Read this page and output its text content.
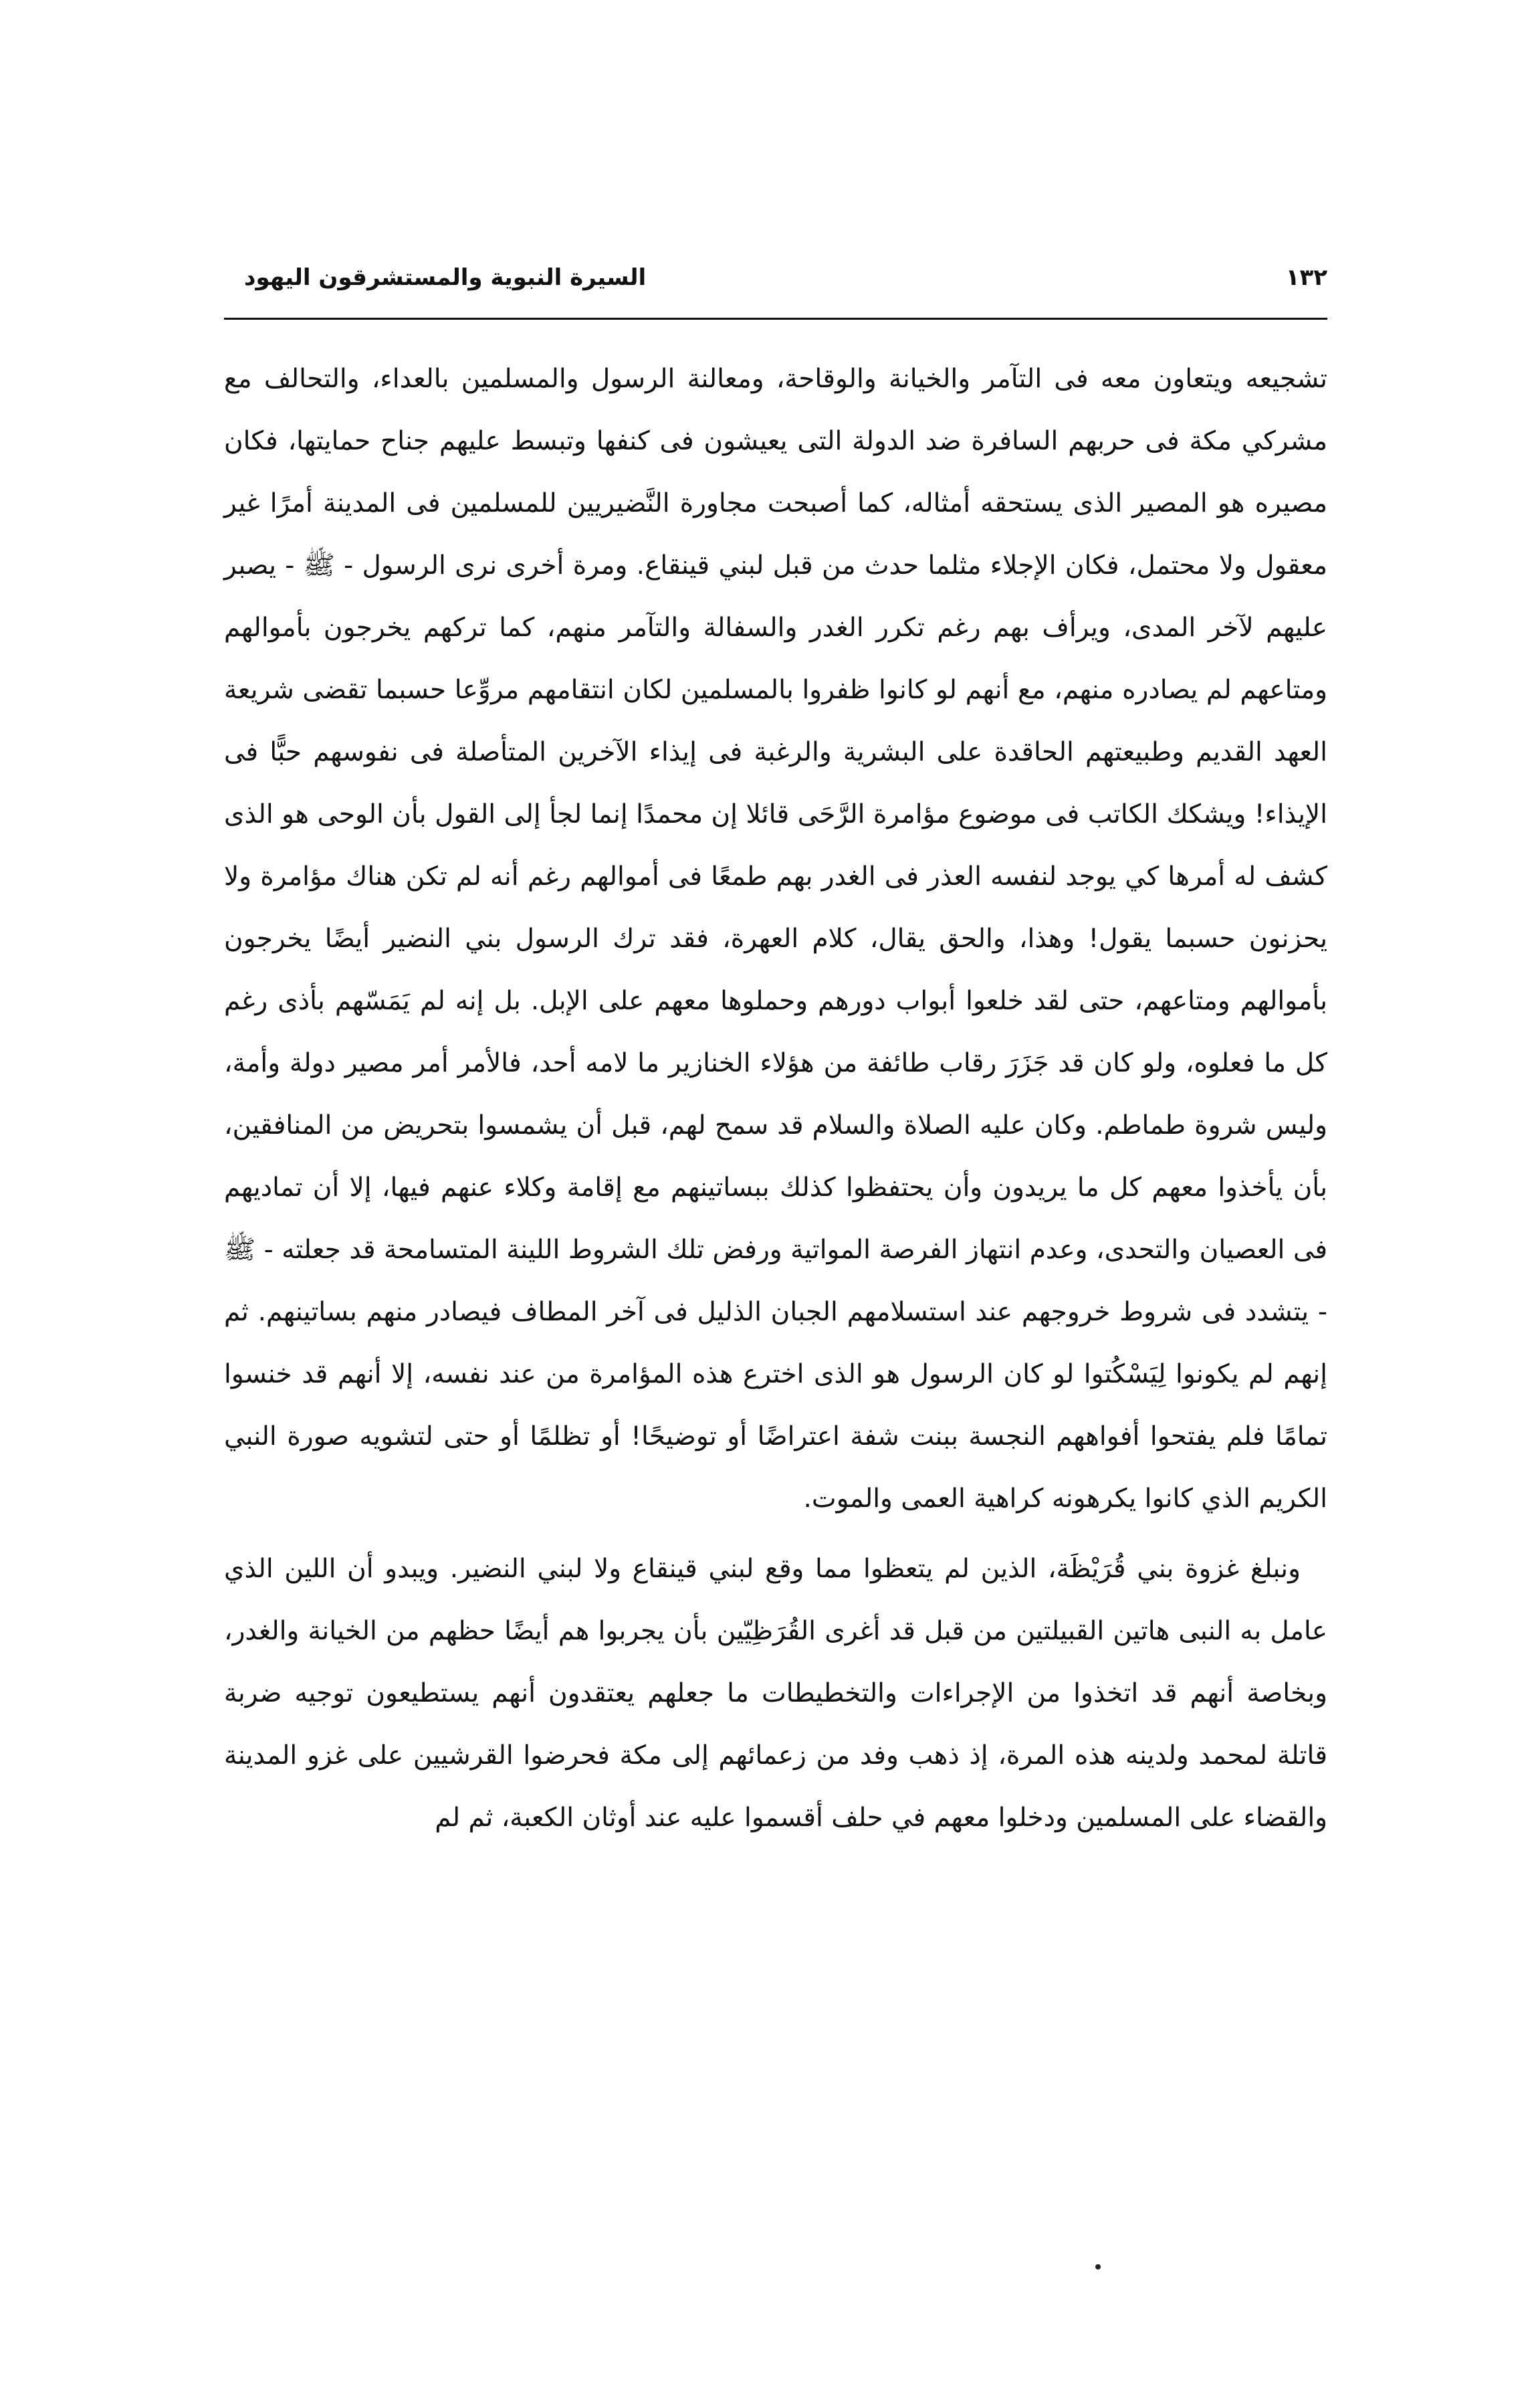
١٣٢
السيرة النبوية والمستشرقون اليهود

تشجيعه ويتعاون معه فى التآمر والخيانة والوقاحة، ومعالنة الرسول والمسلمين بالعداء، والتحالف مع مشركي مكة فى حربهم السافرة ضد الدولة التى يعيشون فى كنفها وتبسط عليهم جناح حمايتها، فكان مصيره هو المصير الذى يستحقه أمثاله، كما أصبحت مجاورة النَّضيريين للمسلمين فى المدينة أمرًا غير معقول ولا محتمل، فكان الإجلاء مثلما حدث من قبل لبني قينقاع. ومرة أخرى نرى الرسول - ﷺ - يصبر عليهم لآخر المدى، ويرأف بهم رغم تكرر الغدر والسفالة والتآمر منهم، كما تركهم يخرجون بأموالهم ومتاعهم لم يصادره منهم، مع أنهم لو كانوا ظفروا بالمسلمين لكان انتقامهم مروِّعا حسبما تقضى شريعة العهد القديم وطبيعتهم الحاقدة على البشرية والرغبة فى إيذاء الآخرين المتأصلة فى نفوسهم حبًّا فى الإيذاء! ويشكك الكاتب فى موضوع مؤامرة الرَّحَى قائلا إن محمدًا إنما لجأ إلى القول بأن الوحى هو الذى كشف له أمرها كي يوجد لنفسه العذر فى الغدر بهم طمعًا فى أموالهم رغم أنه لم تكن هناك مؤامرة ولا يحزنون حسبما يقول! وهذا، والحق يقال، كلام العهرة، فقد ترك الرسول بني النضير أيضًا يخرجون بأموالهم ومتاعهم، حتى لقد خلعوا أبواب دورهم وحملوها معهم على الإبل. بل إنه لم يَمَسّهم بأذى رغم كل ما فعلوه، ولو كان قد جَزَرَ رقاب طائفة من هؤلاء الخنازير ما لامه أحد، فالأمر أمر مصير دولة وأمة، وليس شروة طماطم. وكان عليه الصلاة والسلام قد سمح لهم، قبل أن يشمسوا بتحريض من المنافقين، بأن يأخذوا معهم كل ما يريدون وأن يحتفظوا كذلك ببساتينهم مع إقامة وكلاء عنهم فيها، إلا أن تماديهم فى العصيان والتحدى، وعدم انتهاز الفرصة المواتية ورفض تلك الشروط اللينة المتسامحة قد جعلته - ﷺ - يتشدد فى شروط خروجهم عند استسلامهم الجبان الذليل فى آخر المطاف فيصادر منهم بساتينهم. ثم إنهم لم يكونوا لِيَسْكُتوا لو كان الرسول هو الذى اخترع هذه المؤامرة من عند نفسه، إلا أنهم قد خنسوا تمامًا فلم يفتحوا أفواههم النجسة ببنت شفة اعتراضًا أو توضيحًا! أو تظلمًا أو حتى لتشويه صورة النبي الكريم الذي كانوا يكرهونه كراهية العمى والموت.

ونبلغ غزوة بني قُرَيْظَة، الذين لم يتعظوا مما وقع لبني قينقاع ولا لبني النضير. ويبدو أن اللين الذي عامل به النبى هاتين القبيلتين من قبل قد أغرى القُرَظِيّين بأن يجربوا هم أيضًا حظهم من الخيانة والغدر، وبخاصة أنهم قد اتخذوا من الإجراءات والتخطيطات ما جعلهم يعتقدون أنهم يستطيعون توجيه ضربة قاتلة لمحمد ولدينه هذه المرة، إذ ذهب وفد من زعمائهم إلى مكة فحرضوا القرشيين على غزو المدينة والقضاء على المسلمين ودخلوا معهم في حلف أقسموا عليه عند أوثان الكعبة، ثم لم
